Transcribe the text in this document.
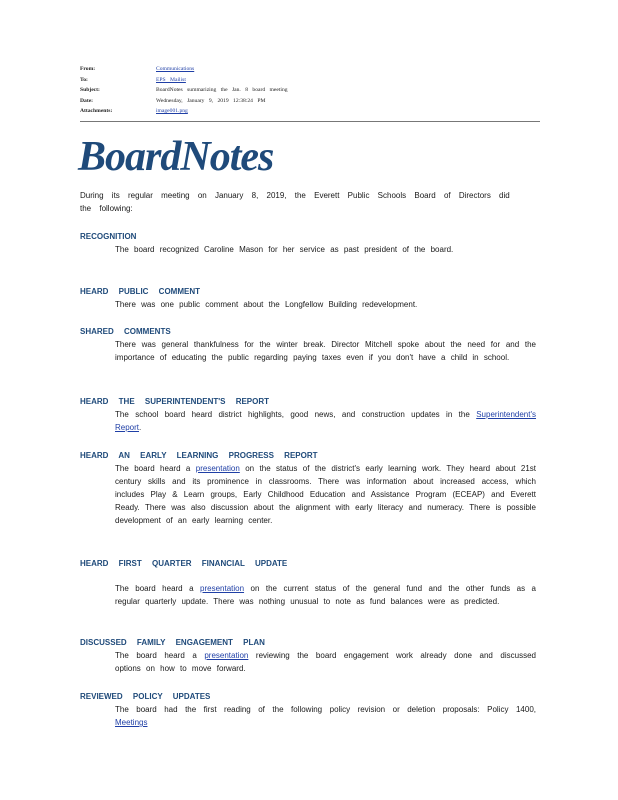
From:	Communications
To:	EPS Mailist
Subject:	BoardNotes summarizing the Jan. 8 board meeting
Date:	Wednesday, January 9, 2019 12:38:24 PM
Attachments:	image001.png
BoardNotes

During its regular meeting on January 8, 2019, the Everett Public Schools Board of Directors did the following:

RECOGNITION
The board recognized Caroline Mason for her service as past president of the board.
HEARD PUBLIC COMMENT
There was one public comment about the Longfellow Building redevelopment.
SHARED COMMENTS
There was general thankfulness for the winter break. Director Mitchell spoke about the need for and the importance of educating the public regarding paying taxes even if you don't have a child in school.
HEARD THE SUPERINTENDENT'S REPORT
The school board heard district highlights, good news, and construction updates in the Superintendent's Report.
HEARD AN EARLY LEARNING PROGRESS REPORT
The board heard a presentation on the status of the district's early learning work. They heard about 21st century skills and its prominence in classrooms. There was information about increased access, which includes Play & Learn groups, Early Childhood Education and Assistance Program (ECEAP) and Everett Ready. There was also discussion about the alignment with early literacy and numeracy. There is possible development of an early learning center.
HEARD FIRST QUARTER FINANCIAL UPDATE
The board heard a presentation on the current status of the general fund and the other funds as a regular quarterly update. There was nothing unusual to note as fund balances were as predicted.
DISCUSSED FAMILY ENGAGEMENT PLAN
The board heard a presentation reviewing the board engagement work already done and discussed options on how to move forward.
REVIEWED POLICY UPDATES
The board had the first reading of the following policy revision or deletion proposals: Policy 1400, Meetings
